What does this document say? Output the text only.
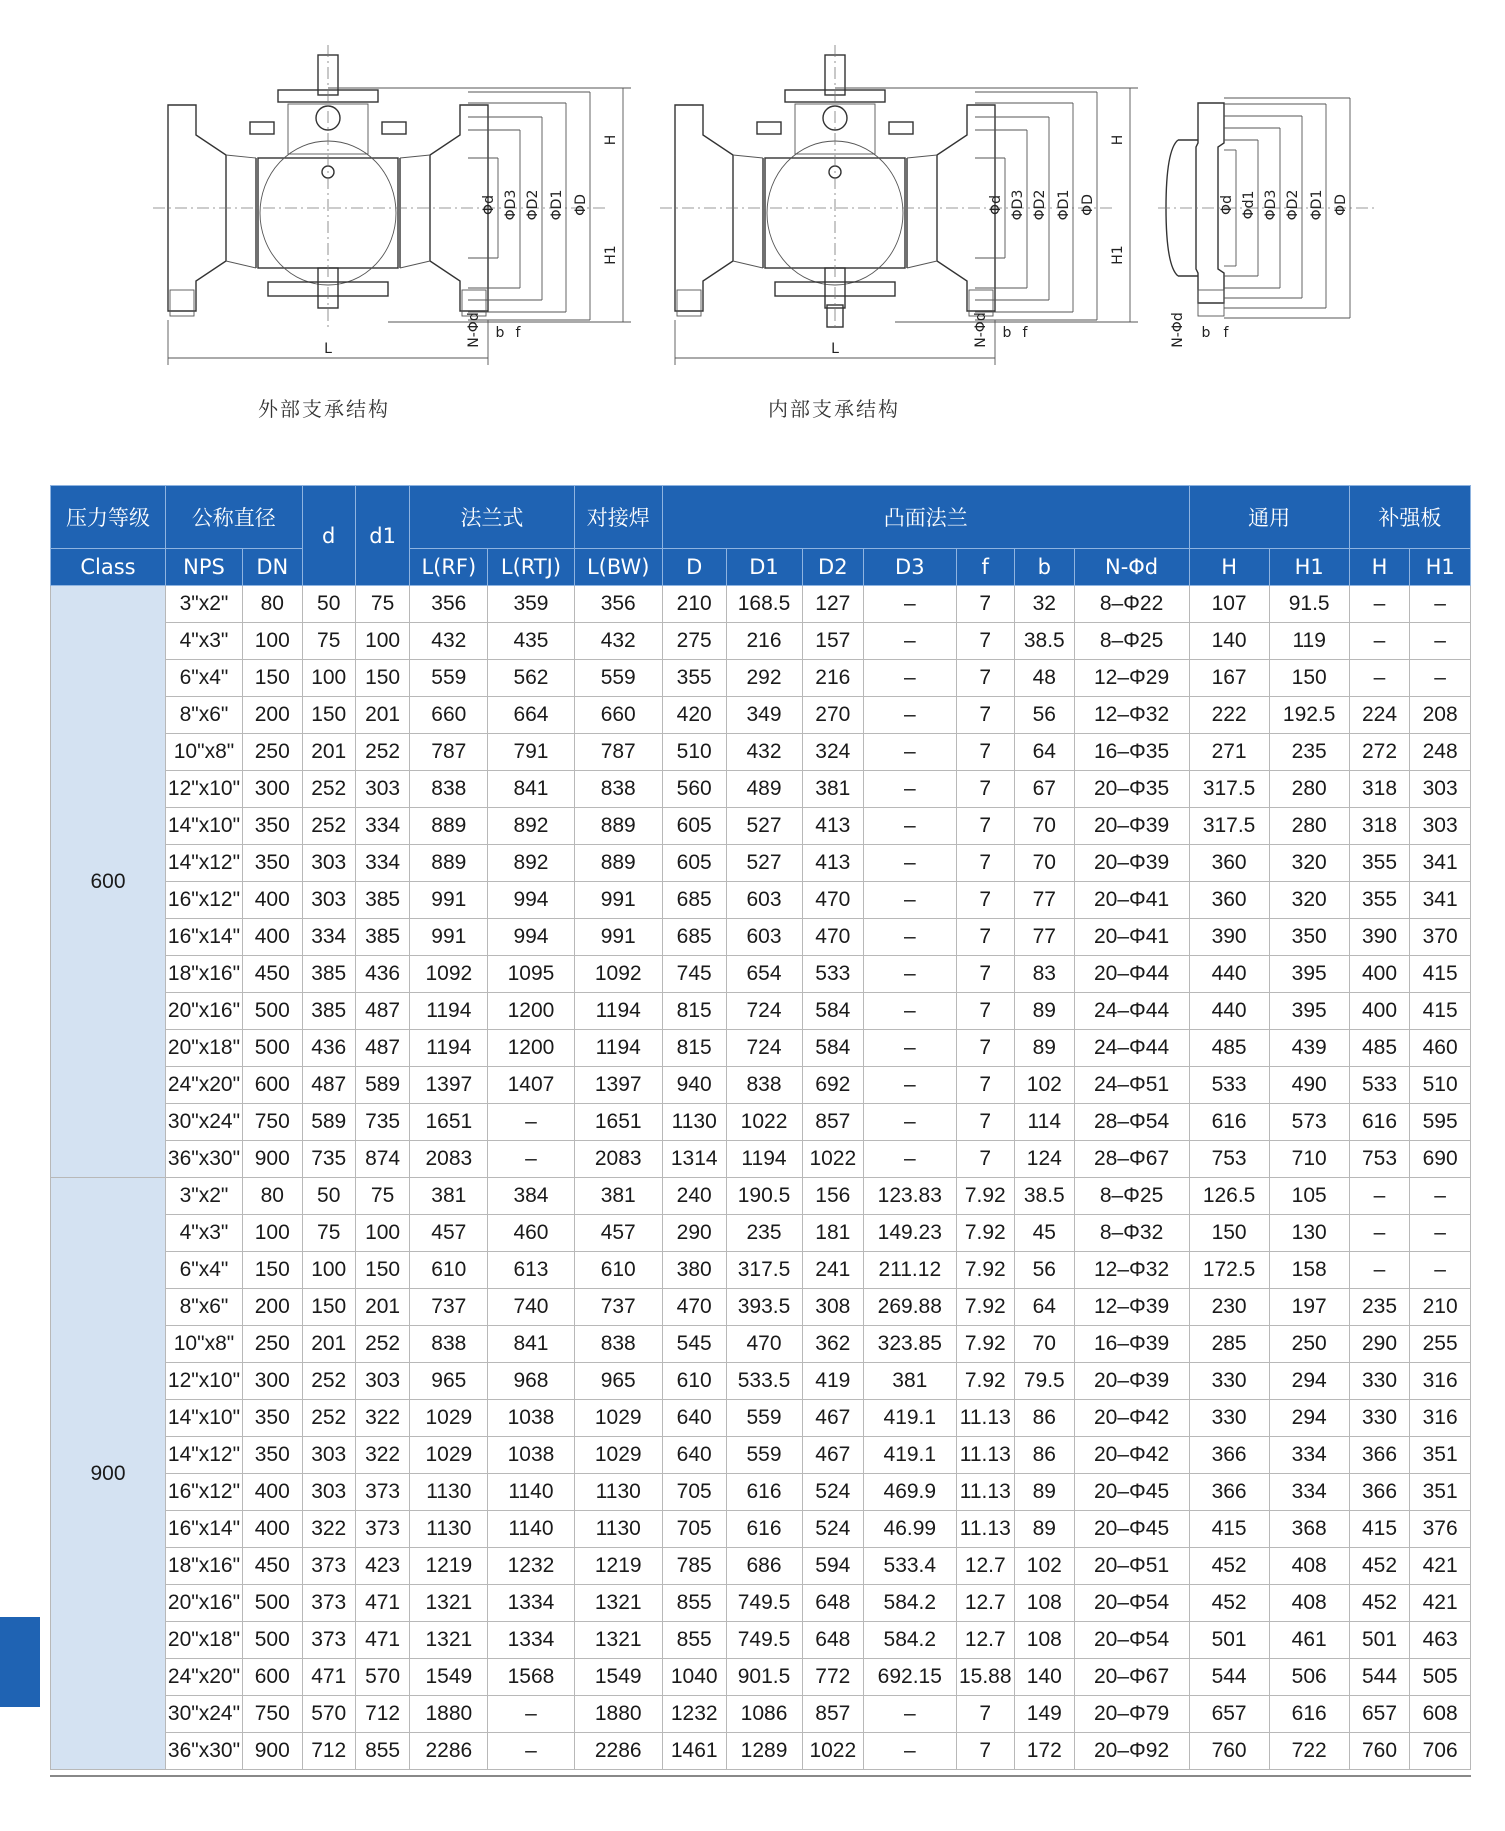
Φd ΦD3 ΦD2 ΦD1 ΦD
H
H1
L
N-Φd b f
Φd ΦD3 ΦD2 ΦD1 ΦD
H
H1
L
N-Φd b f
Φd Φd1 ΦD3 ΦD2 ΦD1 ΦD
N-Φd b f
外部支承结构	内部支承结构
压力等级	公称直径		d	d1	法兰式		对接焊	凸面法兰							通用		补强板	
Class	NPS	DN			L(RF)	L(RTJ)	L(BW)	D	D1	D2	D3	f	b	N-Φd	H	H1	H	H1
600	3"x2"	80	50	75	356	359	356	210	168.5	127	–	7	32	8–Φ22	107	91.5	–	–
	4"x3"	100	75	100	432	435	432	275	216	157	–	7	38.5	8–Φ25	140	119	–	–
	6"x4"	150	100	150	559	562	559	355	292	216	–	7	48	12–Φ29	167	150	–	–
	8"x6"	200	150	201	660	664	660	420	349	270	–	7	56	12–Φ32	222	192.5	224	208
	10"x8"	250	201	252	787	791	787	510	432	324	–	7	64	16–Φ35	271	235	272	248
	12"x10"	300	252	303	838	841	838	560	489	381	–	7	67	20–Φ35	317.5	280	318	303
	14"x10"	350	252	334	889	892	889	605	527	413	–	7	70	20–Φ39	317.5	280	318	303
	14"x12"	350	303	334	889	892	889	605	527	413	–	7	70	20–Φ39	360	320	355	341
	16"x12"	400	303	385	991	994	991	685	603	470	–	7	77	20–Φ41	360	320	355	341
	16"x14"	400	334	385	991	994	991	685	603	470	–	7	77	20–Φ41	390	350	390	370
	18"x16"	450	385	436	1092	1095	1092	745	654	533	–	7	83	20–Φ44	440	395	400	415
	20"x16"	500	385	487	1194	1200	1194	815	724	584	–	7	89	24–Φ44	440	395	400	415
	20"x18"	500	436	487	1194	1200	1194	815	724	584	–	7	89	24–Φ44	485	439	485	460
	24"x20"	600	487	589	1397	1407	1397	940	838	692	–	7	102	24–Φ51	533	490	533	510
	30"x24"	750	589	735	1651	–	1651	1130	1022	857	–	7	114	28–Φ54	616	573	616	595
	36"x30"	900	735	874	2083	–	2083	1314	1194	1022	–	7	124	28–Φ67	753	710	753	690
900	3"x2"	80	50	75	381	384	381	240	190.5	156	123.83	7.92	38.5	8–Φ25	126.5	105	–	–
	4"x3"	100	75	100	457	460	457	290	235	181	149.23	7.92	45	8–Φ32	150	130	–	–
	6"x4"	150	100	150	610	613	610	380	317.5	241	211.12	7.92	56	12–Φ32	172.5	158	–	–
	8"x6"	200	150	201	737	740	737	470	393.5	308	269.88	7.92	64	12–Φ39	230	197	235	210
	10"x8"	250	201	252	838	841	838	545	470	362	323.85	7.92	70	16–Φ39	285	250	290	255
	12"x10"	300	252	303	965	968	965	610	533.5	419	381	7.92	79.5	20–Φ39	330	294	330	316
	14"x10"	350	252	322	1029	1038	1029	640	559	467	419.1	11.13	86	20–Φ42	330	294	330	316
	14"x12"	350	303	322	1029	1038	1029	640	559	467	419.1	11.13	86	20–Φ42	366	334	366	351
	16"x12"	400	303	373	1130	1140	1130	705	616	524	469.9	11.13	89	20–Φ45	366	334	366	351
	16"x14"	400	322	373	1130	1140	1130	705	616	524	46.99	11.13	89	20–Φ45	415	368	415	376
	18"x16"	450	373	423	1219	1232	1219	785	686	594	533.4	12.7	102	20–Φ51	452	408	452	421
	20"x16"	500	373	471	1321	1334	1321	855	749.5	648	584.2	12.7	108	20–Φ54	452	408	452	421
	20"x18"	500	373	471	1321	1334	1321	855	749.5	648	584.2	12.7	108	20–Φ54	501	461	501	463
	24"x20"	600	471	570	1549	1568	1549	1040	901.5	772	692.15	15.88	140	20–Φ67	544	506	544	505
	30"x24"	750	570	712	1880	–	1880	1232	1086	857	–	7	149	20–Φ79	657	616	657	608
	36"x30"	900	712	855	2286	–	2286	1461	1289	1022	–	7	172	20–Φ92	760	722	760	706
